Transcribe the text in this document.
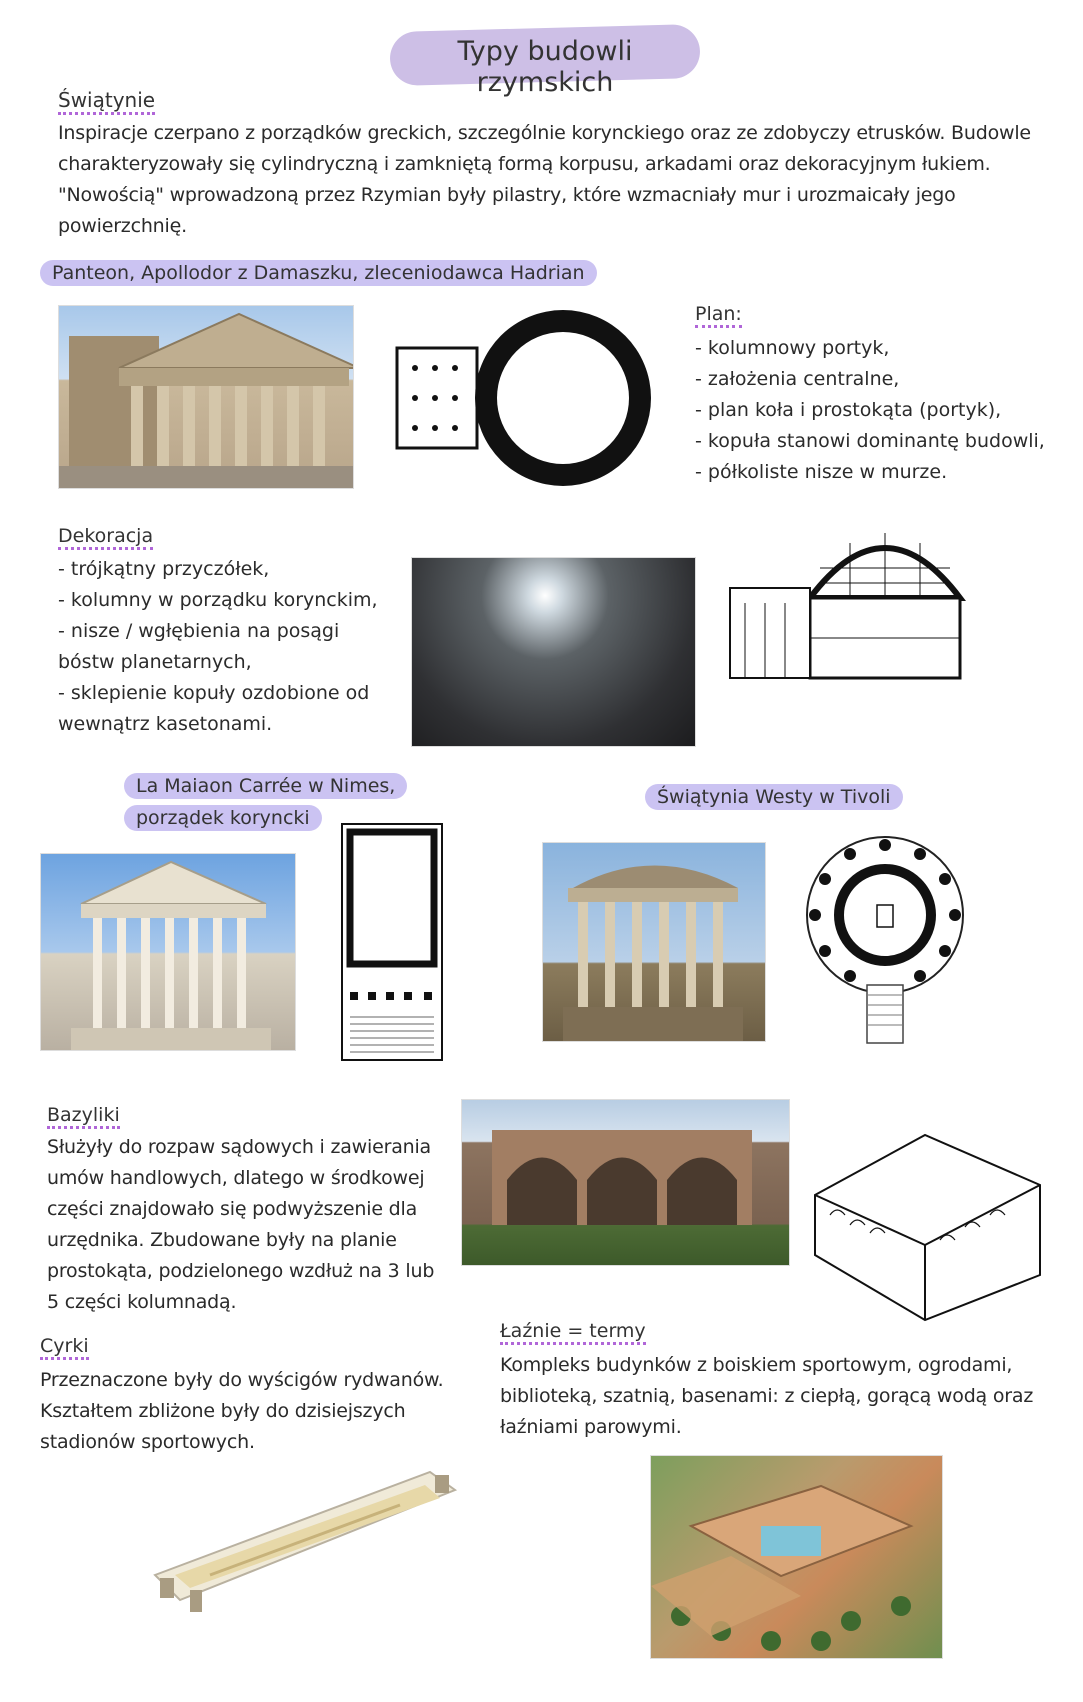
Typy budowli rzymskich
Świątynie
Inspiracje czerpano z porządków greckich, szczególnie korynckiego oraz ze zdobyczy etrusków. Budowle charakteryzowały się cylindryczną i zamkniętą formą korpusu, arkadami oraz dekoracyjnym łukiem. "Nowością" wprowadzoną przez Rzymian były pilastry, które wzmacniały mur i urozmaicały jego powierzchnię.
Panteon, Apollodor z Damaszku, zleceniodawca Hadrian
Plan:
- kolumnowy portyk,
- założenia centralne,
- plan koła i prostokąta (portyk),
- kopuła stanowi dominantę budowli,
- półkoliste nisze w murze.
Dekoracja
- trójkątny przyczółek,
- kolumny w porządku korynckim,
- nisze / wgłębienia na posągi
bóstw planetarnych,
- sklepienie kopuły ozdobione od
wewnątrz kasetonami.
La Maiaon Carrée w Nimes,
porządek koryncki
Świątynia Westy w Tivoli
Bazyliki
Służyły do rozpaw sądowych i zawierania
umów handlowych, dlatego w środkowej
części znajdowało się podwyższenie dla
urzędnika. Zbudowane były na planie
prostokąta, podzielonego wzdłuż na 3 lub
5 części kolumnadą.
Cyrki
Przeznaczone były do wyścigów rydwanów.
Kształtem zbliżone były do dzisiejszych
stadionów sportowych.
Łaźnie = termy
Kompleks budynków z boiskiem sportowym, ogrodami,
biblioteką, szatnią, basenami: z ciepłą, gorącą wodą oraz
łaźniami parowymi.
